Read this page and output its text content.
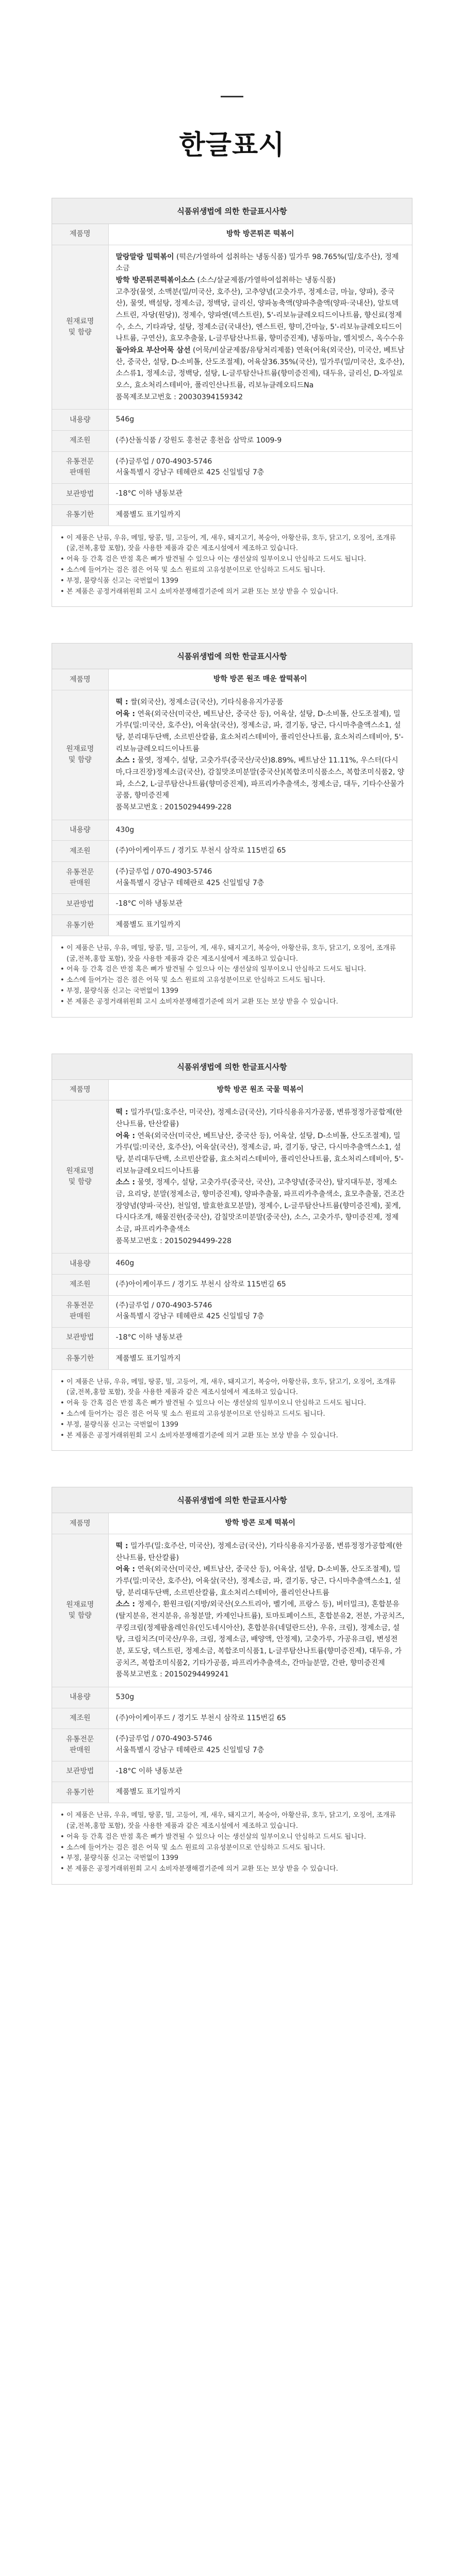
한글표시
식품위생법에 의한 한글표시사항
제품명	방학 방콘튀콘 떡볶이
원재료명
및 함량	말랑말랑 밀떡볶이 (떡은/가열하여 섭취하는 냉동식품) 밀가루 98.765%(밀/호주산), 정제소금
방학 방콘튀콘떡볶이소스 (소스/살균제품/가열하여섭취하는 냉동식품)
고추장(물엿, 소맥분(밀/미국산, 호주산), 고추양념(고춧가루, 정제소금, 마늘, 양파), 중국산), 물엿, 백설탕, 정제소금, 정백당, 글리신, 양파농축액(양파추출액(양파·국내산), 알토덱스트린, 자당(원당)), 정제수, 양파엔(덱스트린), 5'-리보뉴클레오티드이나트륨, 향신료(정제수, 소스, 기타과당, 설탕, 정제소금(국내산), 엔스트린, 향미,간마늘, 5'-리보뉴클레오티드이나트륨, 구연산), 효모추출물, L-글루탐산나트륨, 향미증진제), 냉동마늘, 옐치빗스, 옥수수유
돌아와요 부산어묵 삼선 (어묵/비살균제품/유탕처리제품) 연육(어육(외국산), 미국산, 베트남산, 중국산, 설탕, D-소비톨, 산도조절제), 어육살36.35%(국산), 밀가루(밀/미국산, 호주산), 소스류1, 정제소금, 정백당, 설탕, L-글루탐산나트륨(향미증진제), 대두유, 글리신, D-자일로오스, 효소처리스테비아, 폴리인산나트륨, 리보뉴클레오티드Na
품목제조보고번호 : 20030394159342

내용량	546g
제조원	(주)산돌식품 / 강원도 홍천군 홍천읍 삼막로 1009-9
유통전문
판매원	(주)글루업 / 070-4903-5746
서울특별시 강남구 테헤란로 425 신일빌딩 7층
보관방법	-18°C 이하 냉동보관
유통기한	제품별도 표기일까지
• 이 제품은 난류, 우유, 메밀, 땅콩, 밀, 고등어, 게, 새우, 돼지고기, 복숭아, 아황산류, 호두, 닭고기, 오징어, 조개류 (굴,전복,홍합 포함), 잣을 사용한 제품과 같은 제조시설에서 제조하고 있습니다.
• 어육 등 간혹 검은 반점 혹은 뼈가 발견될 수 있으나 이는 생선살의 일부이오니 안심하고 드셔도 됩니다.
• 소스에 들어가는 검은 점은 어묵 및 소스 원료의 고유성분이므로 안심하고 드셔도 됩니다.
• 부정, 불량식품 신고는 국번없이 1399
• 본 제품은 공정거래위원회 고시 소비자분쟁해결기준에 의거 교환 또는 보상 받을 수 있습니다.
식품위생법에 의한 한글표시사항
제품명	방학 방콘 원조 매운 쌀떡볶이
원재료명
및 함량	떡 : 쌀(외국산), 정제소금(국산), 기타식용유지가공품
어육 : 연육(외국산(미국산, 베트남산, 중국산 등), 어육살, 설탕, D-소비톨, 산도조절제), 밀가루(밀:미국산, 호주산), 어육살(국산), 정제소금, 파, 결기동, 당근, 다시마추출액스소1, 설탕, 분리대두단백, 소르빈산칼륨, 효소처리스테비아, 폴리인산나트륨, 효소처리스테비아, 5'-리보뉴클레오티드이나트륨
소스 : 물엿, 정제수, 설탕, 고춧가루(중국산/국산)8.89%, 베트남산 11.11%, 우스터(다시마,다크진장)정제소금(국산), 감칠맛조미분말(중국산)(복합조미식품소스, 복합조미식품2, 양파, 소스2, L-글루탐산나트륨(향미증진제), 파프리카추출색소, 정제소금, 대두, 기타수산물가공품, 향미증진제
품목보고번호 : 20150294499-228

내용량	430g
제조원	(주)아이케이푸드 / 경기도 부천시 삼작로 115번길 65
유통전문
판매원	(주)글루업 / 070-4903-5746
서울특별시 강남구 테헤란로 425 신일빌딩 7층
보관방법	-18°C 이하 냉동보관
유통기한	제품별도 표기일까지
• 이 제품은 난류, 우유, 메밀, 땅콩, 밀, 고등어, 게, 새우, 돼지고기, 복숭아, 아황산류, 호두, 닭고기, 오징어, 조개류 (굴,전복,홍합 포함), 잣을 사용한 제품과 같은 제조시설에서 제조하고 있습니다.
• 어육 등 간혹 검은 반점 혹은 뼈가 발견될 수 있으나 이는 생선살의 일부이오니 안심하고 드셔도 됩니다.
• 소스에 들어가는 검은 점은 어묵 및 소스 원료의 고유성분이므로 안심하고 드셔도 됩니다.
• 부정, 불량식품 신고는 국번없이 1399
• 본 제품은 공정거래위원회 고시 소비자분쟁해결기준에 의거 교환 또는 보상 받을 수 있습니다.
식품위생법에 의한 한글표시사항
제품명	방학 방콘 원조 국물 떡볶이
원재료명
및 함량	떡 : 밀가루(밀:호주산, 미국산), 정제소금(국산), 기타식용유지가공품, 변류정정가공합제(한산나트륨, 탄산칼륨)
어육 : 연육(외국산(미국산, 베트남산, 중국산 등), 어육살, 설탕, D-소비톨, 산도조절제), 밀가루(밀:미국산, 호주산), 어육살(국산), 정제소금, 파, 결기동, 당근, 다시마추출액스소1, 설탕, 분리대두단백, 소르빈산칼륨, 효소처리스테비아, 폴리인산나트륨, 효소처리스테비아, 5'-리보뉴클레오티드이나트륨
소스 : 물엿, 정제수, 설탕, 고춧가루(중국산, 국산), 고추양념(중국산), 탈지대두분, 정제소금, 요리당, 분말(정제소금, 향미증진제), 양파추출물, 파프리카추출색소, 효모추출물, 건조간장양념(양파·국산), 천일염, 발효한효모분말), 정제수, L-글루탐산나트륨(향미증진제), 꽃게, 다시다조개, 해물진한(중국산), 감칠맛조미분말(중국산), 소스, 고춧가루, 향미증진제, 정제소금, 파프리카추출색소
품목보고번호 : 20150294499-228

내용량	460g
제조원	(주)아이케이푸드 / 경기도 부천시 삼작로 115번길 65
유통전문
판매원	(주)글루업 / 070-4903-5746
서울특별시 강남구 테헤란로 425 신일빌딩 7층
보관방법	-18°C 이하 냉동보관
유통기한	제품별도 표기일까지
• 이 제품은 난류, 우유, 메밀, 땅콩, 밀, 고등어, 게, 새우, 돼지고기, 복숭아, 아황산류, 호두, 닭고기, 오징어, 조개류 (굴,전복,홍합 포함), 잣을 사용한 제품과 같은 제조시설에서 제조하고 있습니다.
• 어육 등 간혹 검은 반점 혹은 뼈가 발견될 수 있으나 이는 생선살의 일부이오니 안심하고 드셔도 됩니다.
• 소스에 들어가는 검은 점은 어묵 및 소스 원료의 고유성분이므로 안심하고 드셔도 됩니다.
• 부정, 불량식품 신고는 국번없이 1399
• 본 제품은 공정거래위원회 고시 소비자분쟁해결기준에 의거 교환 또는 보상 받을 수 있습니다.
식품위생법에 의한 한글표시사항
제품명	방학 방콘 로제 떡볶이
원재료명
및 함량	떡 : 밀가루(밀:호주산, 미국산), 정제소금(국산), 기타식용유지가공품, 변류정정가공합제(한산나트륨, 탄산칼륨)
어육 : 연육(외국산(미국산, 베트남산, 중국산 등), 어육살, 설탕, D-소비톨, 산도조절제), 밀가루(밀:미국산, 호주산), 어육살(국산), 정제소금, 파, 결기동, 당근, 다시마추출액스소1, 설탕, 분리대두단백, 소르빈산칼륨, 효소처리스테비아, 폴리인산나트륨
소스 : 정제수, 환원크림(지방/외국산(오스트리아, 벨기에, 프랑스 등), 버터밀크), 혼합분유(탈지분유, 전지분유, 유청분말, 카제인나트륨), 토마토페이스트, 혼합분유2, 전분, 가공치즈, 쿠킹크림(정제팜올레인유(인도네시아산), 혼합분유(네덜란드산), 우유, 크림), 정제소금, 설탕, 크림치즈(미국산/우유, 크림, 정제소금, 배양액, 안정제), 고춧가루, 가공유크림, 변성전분, 포도당, 덱스트린, 정제소금, 복합조미식품1, L-글루탐산나트륨(향미증진제), 대두유, 가공치즈, 복합조미식품2, 기타가공품, 파프리카추출색소, 간마늘분말, 간판, 향미증진제
품목보고번호 : 20150294499241

내용량	530g
제조원	(주)아이케이푸드 / 경기도 부천시 삼작로 115번길 65
유통전문
판매원	(주)글루업 / 070-4903-5746
서울특별시 강남구 테헤란로 425 신일빌딩 7층
보관방법	-18°C 이하 냉동보관
유통기한	제품별도 표기일까지
• 이 제품은 난류, 우유, 메밀, 땅콩, 밀, 고등어, 게, 새우, 돼지고기, 복숭아, 아황산류, 호두, 닭고기, 오징어, 조개류 (굴,전복,홍합 포함), 잣을 사용한 제품과 같은 제조시설에서 제조하고 있습니다.
• 어육 등 간혹 검은 반점 혹은 뼈가 발견될 수 있으나 이는 생선살의 일부이오니 안심하고 드셔도 됩니다.
• 소스에 들어가는 검은 점은 어묵 및 소스 원료의 고유성분이므로 안심하고 드셔도 됩니다.
• 부정, 불량식품 신고는 국번없이 1399
• 본 제품은 공정거래위원회 고시 소비자분쟁해결기준에 의거 교환 또는 보상 받을 수 있습니다.
